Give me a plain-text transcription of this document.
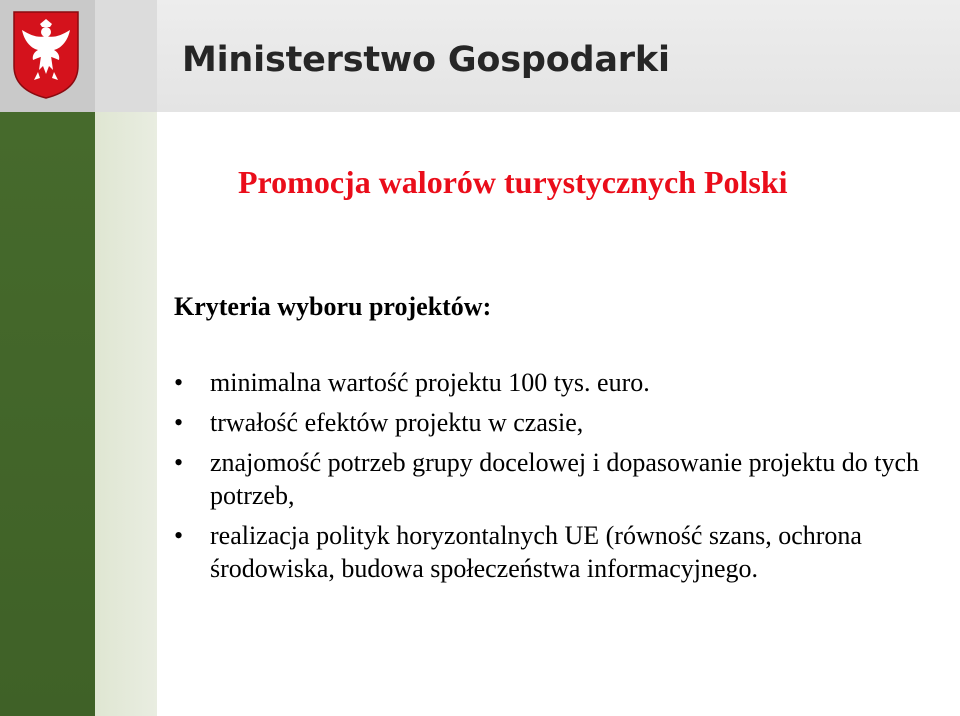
Ministerstwo Gospodarki
Promocja walorów turystycznych Polski
Kryteria wyboru projektów:
• minimalna wartość projektu 100 tys. euro.
• trwałość efektów projektu w czasie,
• znajomość potrzeb grupy docelowej i dopasowanie projektu do tych potrzeb,
• realizacja polityk horyzontalnych UE (równość szans, ochrona środowiska, budowa społeczeństwa informacyjnego.
